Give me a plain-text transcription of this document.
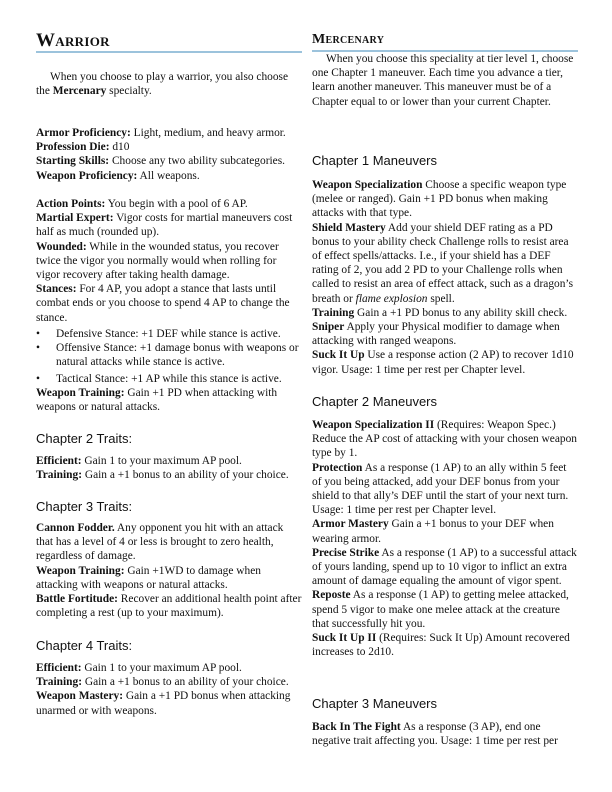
Warrior
When you choose to play a warrior, you also choose the Mercenary specialty.
Armor Proficiency: Light, medium, and heavy armor.
Profession Die: d10
Starting Skills: Choose any two ability subcategories.
Weapon Proficiency: All weapons.
Action Points: You begin with a pool of 6 AP.
Martial Expert: Vigor costs for martial maneuvers cost half as much (rounded up).
Wounded: While in the wounded status, you recover twice the vigor you normally would when rolling for vigor recovery after taking health damage.
Stances: For 4 AP, you adopt a stance that lasts until combat ends or you choose to spend 4 AP to change the stance.
• Defensive Stance: +1 DEF while stance is active.
• Offensive Stance: +1 damage bonus with weapons or natural attacks while stance is active.
• Tactical Stance: +1 AP while this stance is active.
Weapon Training: Gain +1 PD when attacking with weapons or natural attacks.
Chapter 2 Traits:
Efficient: Gain 1 to your maximum AP pool.
Training: Gain a +1 bonus to an ability of your choice.
Chapter 3 Traits:
Cannon Fodder. Any opponent you hit with an attack that has a level of 4 or less is brought to zero health, regardless of damage.
Weapon Training: Gain +1WD to damage when attacking with weapons or natural attacks.
Battle Fortitude: Recover an additional health point after completing a rest (up to your maximum).
Chapter 4 Traits:
Efficient: Gain 1 to your maximum AP pool.
Training: Gain a +1 bonus to an ability of your choice.
Weapon Mastery: Gain a +1 PD bonus when attacking unarmed or with weapons.
Mercenary
When you choose this speciality at tier level 1, choose one Chapter 1 maneuver. Each time you advance a tier, learn another maneuver. This maneuver must be of a Chapter equal to or lower than your current Chapter.
Chapter 1 Maneuvers
Weapon Specialization Choose a specific weapon type (melee or ranged). Gain +1 PD bonus when making attacks with that type.
Shield Mastery Add your shield DEF rating as a PD bonus to your ability check Challenge rolls to resist area of effect spells/attacks. I.e., if your shield has a DEF rating of 2, you add 2 PD to your Challenge rolls when called to resist an area of effect attack, such as a dragon’s breath or flame explosion spell.
Training Gain a +1 PD bonus to any ability skill check.
Sniper Apply your Physical modifier to damage when attacking with ranged weapons.
Suck It Up Use a response action (2 AP) to recover 1d10 vigor. Usage: 1 time per rest per Chapter level.
Chapter 2 Maneuvers
Weapon Specialization II (Requires: Weapon Spec.) Reduce the AP cost of attacking with your chosen weapon type by 1.
Protection As a response (1 AP) to an ally within 5 feet of you being attacked, add your DEF bonus from your shield to that ally’s DEF until the start of your next turn. Usage: 1 time per rest per Chapter level.
Armor Mastery Gain a +1 bonus to your DEF when wearing armor.
Precise Strike As a response (1 AP) to a successful attack of yours landing, spend up to 10 vigor to inflict an extra amount of damage equaling the amount of vigor spent.
Reposte As a response (1 AP) to getting melee attacked, spend 5 vigor to make one melee attack at the creature that successfully hit you.
Suck It Up II (Requires: Suck It Up) Amount recovered increases to 2d10.
Chapter 3 Maneuvers
Back In The Fight As a response (3 AP), end one negative trait affecting you. Usage: 1 time per rest per
